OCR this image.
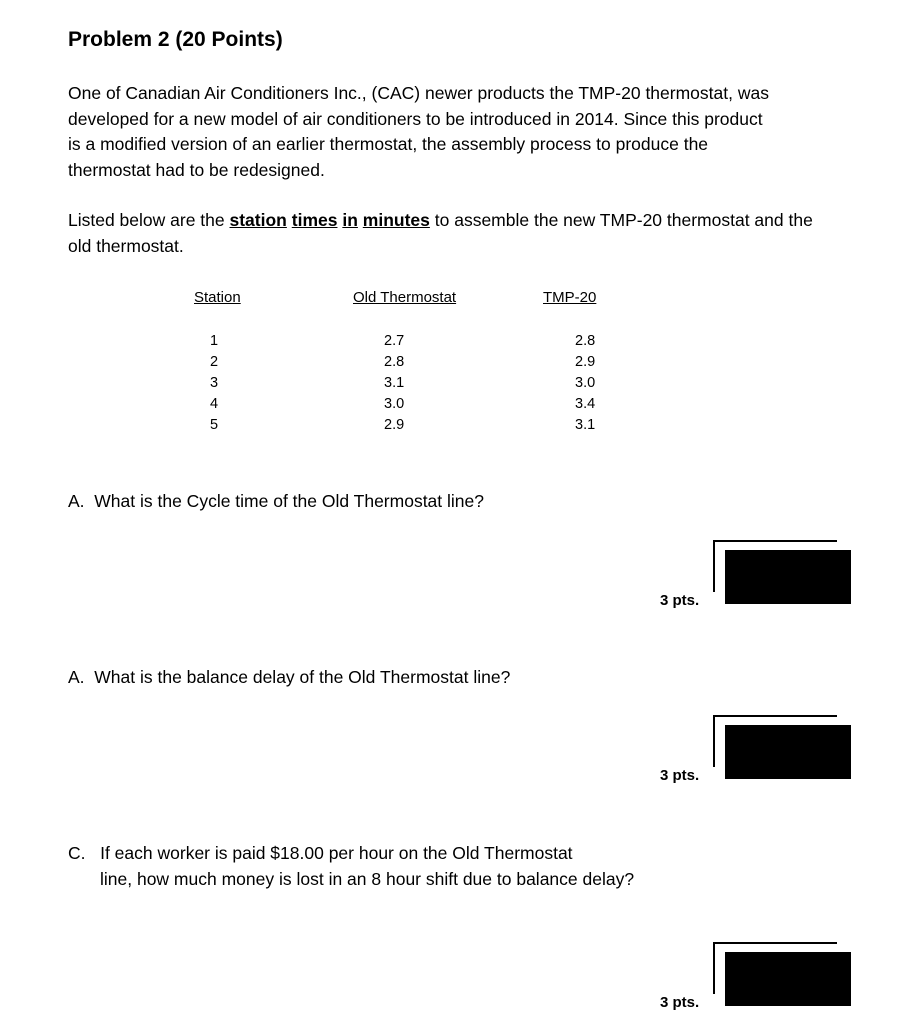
Problem 2 (20 Points)
One of Canadian Air Conditioners Inc., (CAC) newer products the TMP-20 thermostat, was
developed for a new model of air conditioners to be introduced in 2014. Since this product
is a modified version of an earlier thermostat, the assembly process to produce the
thermostat had to be redesigned.
Listed below are the station times in minutes to assemble the new TMP-20 thermostat and the
old thermostat.
Station	Old Thermostat	TMP-20
1
2
3
4
5
2.7
2.8
3.1
3.0
2.9
2.8
2.9
3.0
3.4
3.1
A. What is the Cycle time of the Old Thermostat line?
3 pts.
A. What is the balance delay of the Old Thermostat line?
3 pts.
C. If each worker is paid $18.00 per hour on the Old Thermostat
line, how much money is lost in an 8 hour shift due to balance delay?
3 pts.
